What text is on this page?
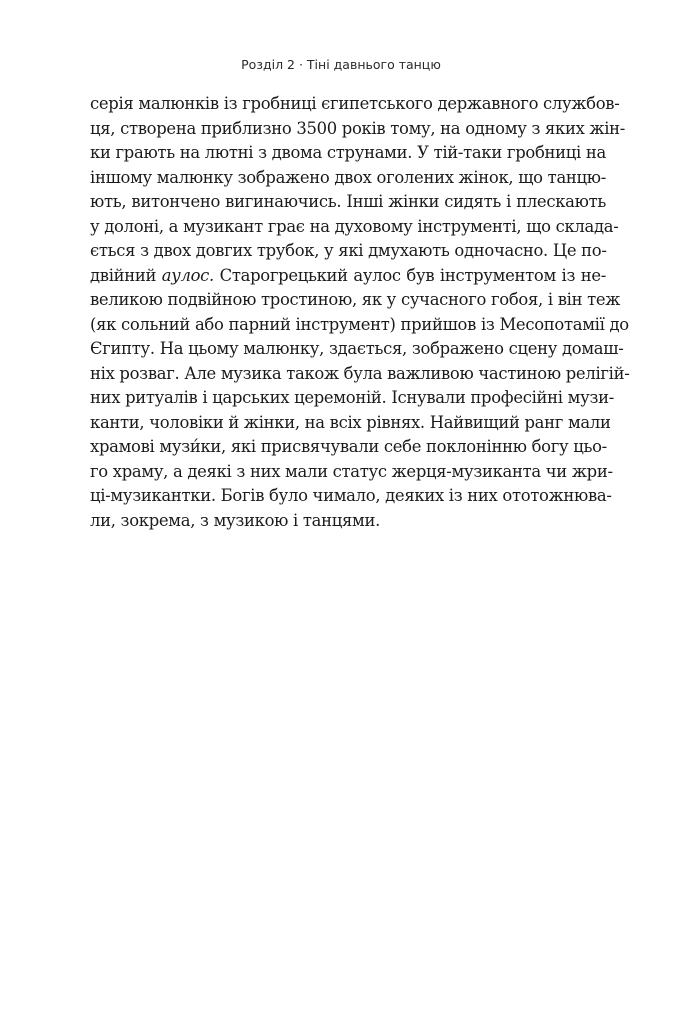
Розділ 2 · Тіні давнього танцю
серія малюнків із гробниці єгипетського державного службов-
ця, створена приблизно 3500 років тому, на одному з яких жін-
ки грають на лютні з двома струнами. У тій-таки гробниці на
іншому малюнку зображено двох оголених жінок, що танцю-
ють, витончено вигинаючись. Інші жінки сидять і плескають
у долоні, а музикант грає на духовому інструменті, що склада-
ється з двох довгих трубок, у які дмухають одночасно. Це по-
двійний аулос. Старогрецький аулос був інструментом із не-
великою подвійною тростиною, як у сучасного гобоя, і він теж
(як сольний або парний інструмент) прийшов із Месопотамії до
Єгипту. На цьому малюнку, здається, зображено сцену домаш-
ніх розваг. Але музика також була важливою частиною релігій-
них ритуалів і царських церемоній. Існували професійні музи-
канти, чоловіки й жінки, на всіх рівнях. Найвищий ранг мали
храмові музи́ки, які присвячували себе поклонінню богу цьо-
го храму, а деякі з них мали статус жерця-музиканта чи жри-
ці-музикантки. Богів було чимало, деяких із них ототожнюва-
ли, зокрема, з музикою і танцями.
